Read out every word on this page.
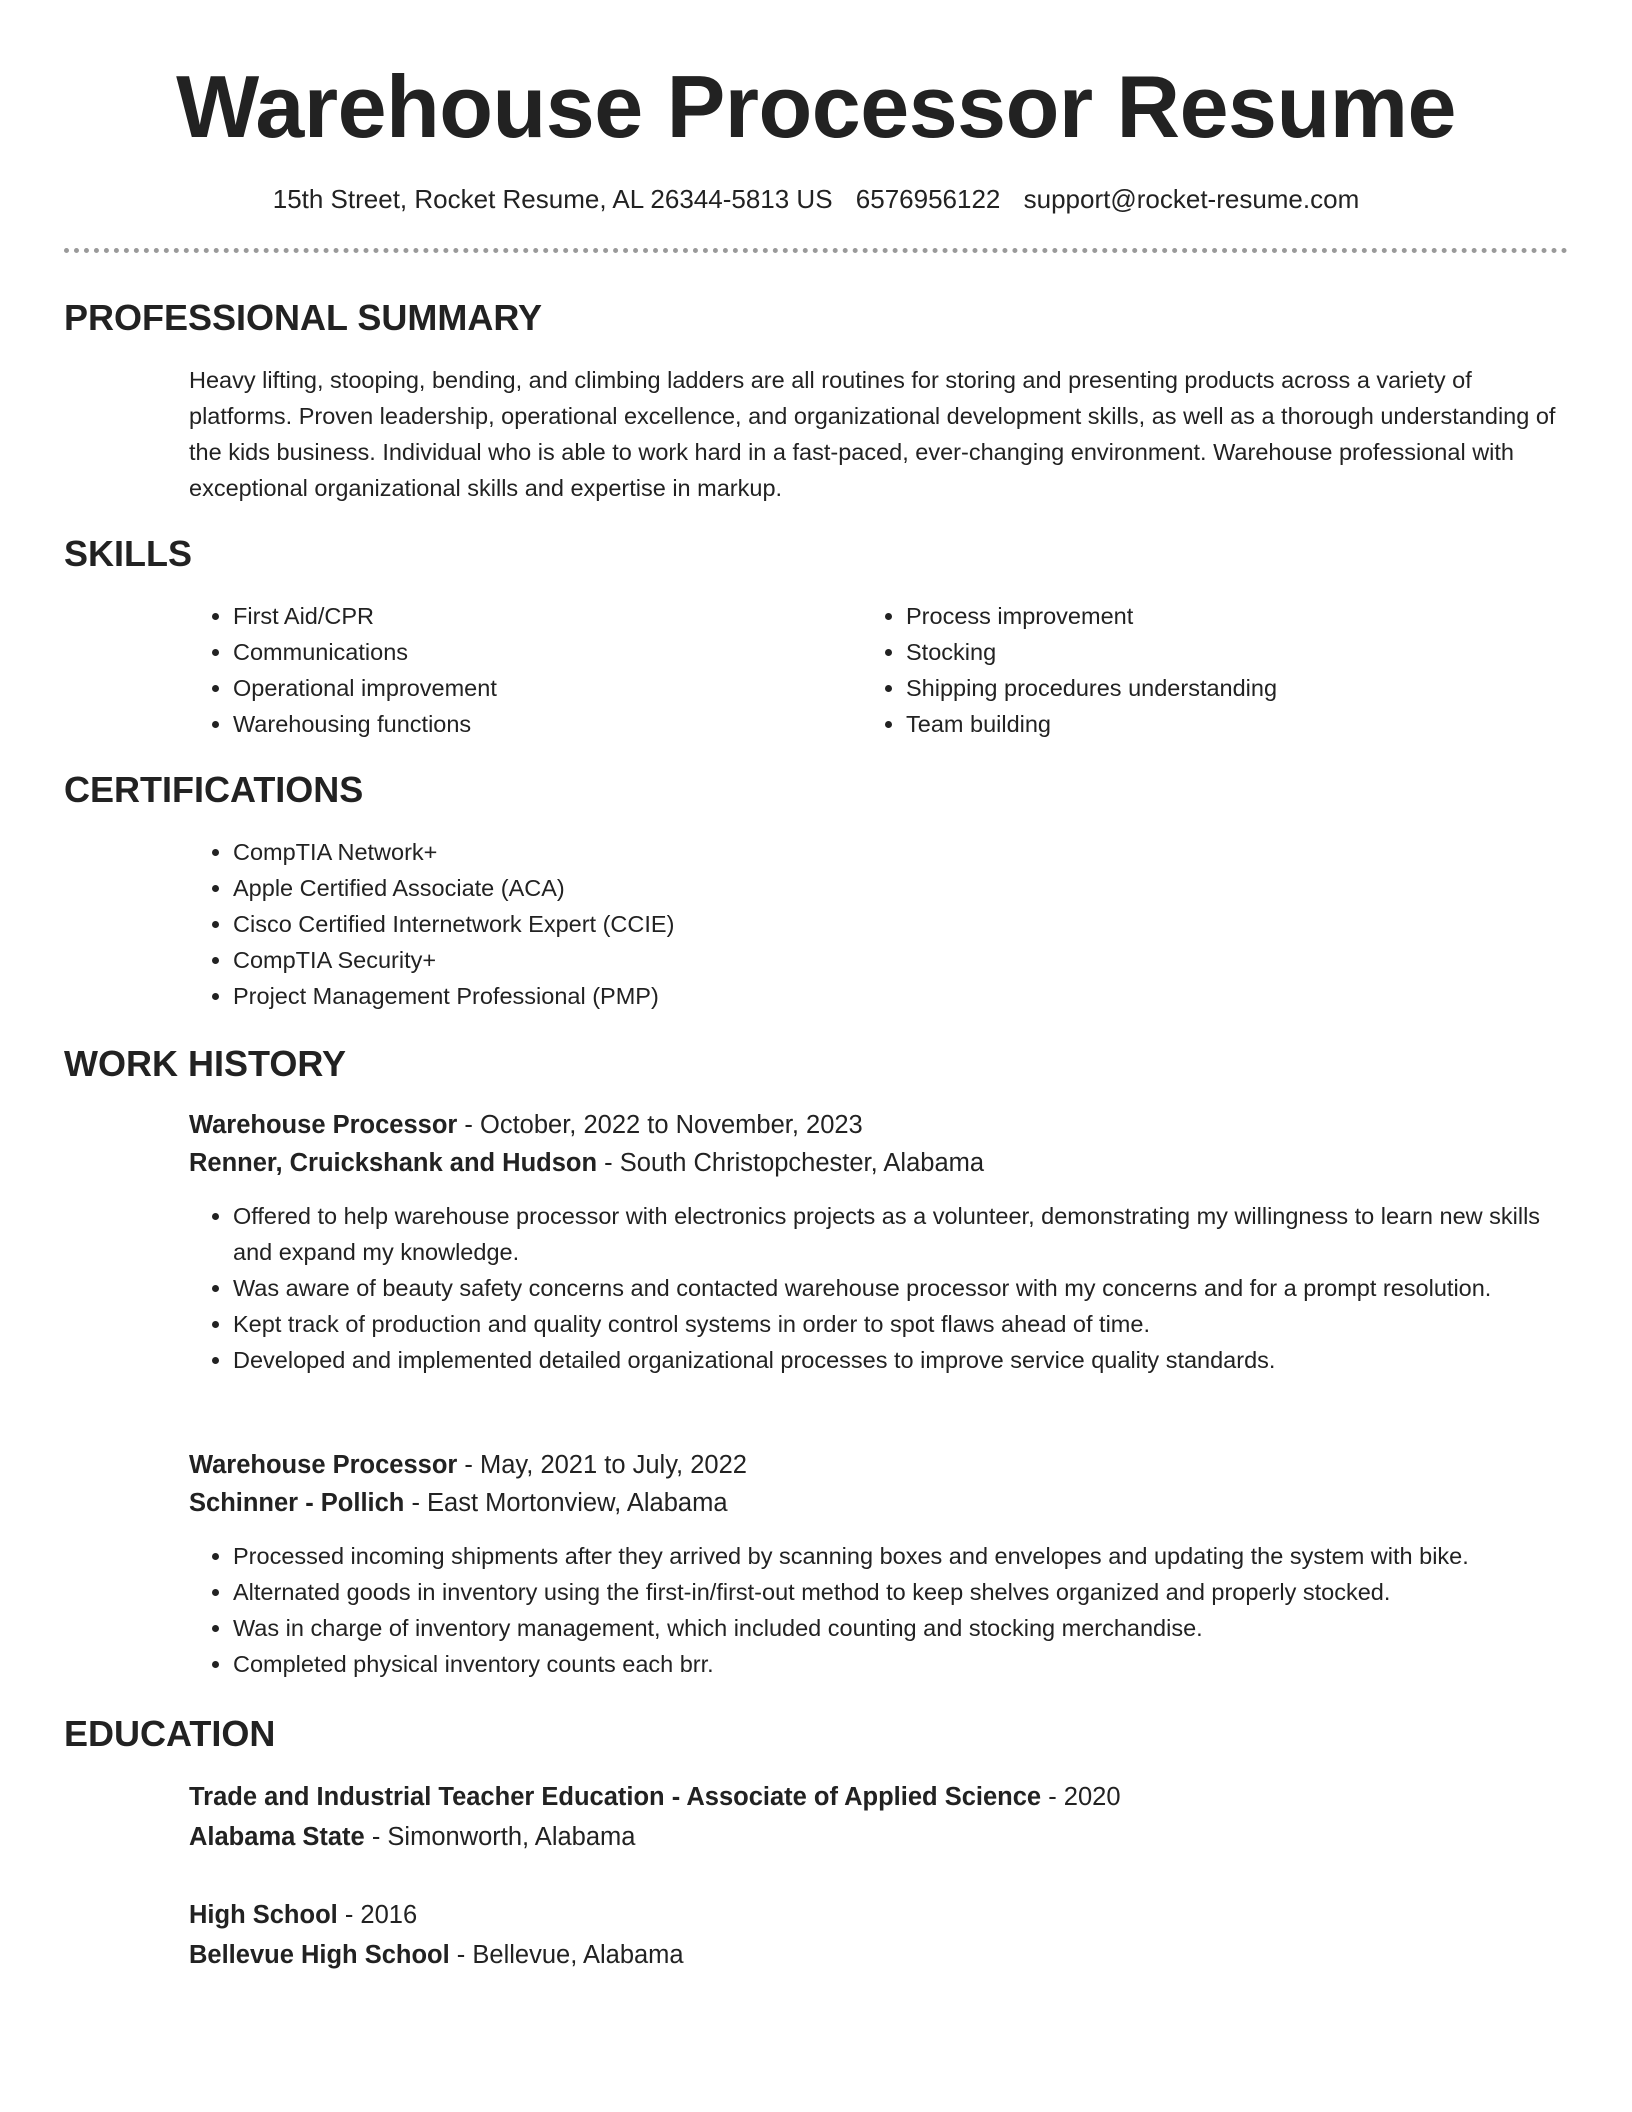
Warehouse Processor Resume
15th Street, Rocket Resume, AL 26344-5813 US 6576956122 support@rocket-resume.com
PROFESSIONAL SUMMARY
Heavy lifting, stooping, bending, and climbing ladders are all routines for storing and presenting products across a variety of platforms. Proven leadership, operational excellence, and organizational development skills, as well as a thorough understanding of the kids business. Individual who is able to work hard in a fast-paced, ever-changing environment. Warehouse professional with exceptional organizational skills and expertise in markup.
SKILLS
• First Aid/CPR
• Communications
• Operational improvement
• Warehousing functions
• Process improvement
• Stocking
• Shipping procedures understanding
• Team building
CERTIFICATIONS
• CompTIA Network+
• Apple Certified Associate (ACA)
• Cisco Certified Internetwork Expert (CCIE)
• CompTIA Security+
• Project Management Professional (PMP)
WORK HISTORY
Warehouse Processor - October, 2022 to November, 2023
Renner, Cruickshank and Hudson - South Christopchester, Alabama
• Offered to help warehouse processor with electronics projects as a volunteer, demonstrating my willingness to learn new skills and expand my knowledge.
• Was aware of beauty safety concerns and contacted warehouse processor with my concerns and for a prompt resolution.
• Kept track of production and quality control systems in order to spot flaws ahead of time.
• Developed and implemented detailed organizational processes to improve service quality standards.
Warehouse Processor - May, 2021 to July, 2022
Schinner - Pollich - East Mortonview, Alabama
• Processed incoming shipments after they arrived by scanning boxes and envelopes and updating the system with bike.
• Alternated goods in inventory using the first-in/first-out method to keep shelves organized and properly stocked.
• Was in charge of inventory management, which included counting and stocking merchandise.
• Completed physical inventory counts each brr.
EDUCATION
Trade and Industrial Teacher Education - Associate of Applied Science - 2020
Alabama State - Simonworth, Alabama
High School - 2016
Bellevue High School - Bellevue, Alabama
